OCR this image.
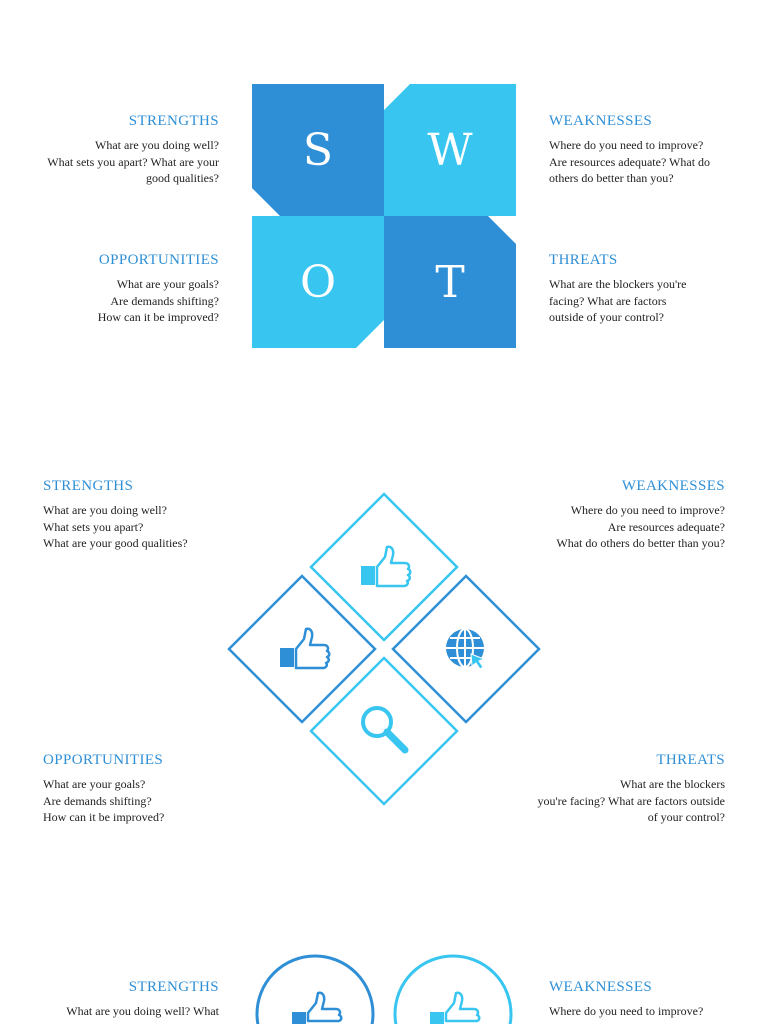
STRENGTHS
What are you doing well?
What sets you apart? What are your
good qualities?
WEAKNESSES
Where do you need to improve?
Are resources adequate? What do
others do better than you?
OPPORTUNITIES
What are your goals?
Are demands shifting?
How can it be improved?
THREATS
What are the blockers you're
facing? What are factors
outside of your control?
S W
O T
STRENGTHS
What are you doing well?
What sets you apart?
What are your good qualities?
WEAKNESSES
Where do you need to improve?
Are resources adequate?
What do others do better than you?
OPPORTUNITIES
What are your goals?
Are demands shifting?
How can it be improved?
THREATS
What are the blockers
you're facing? What are factors outside
of your control?
STRENGTHS
What are you doing well? What
WEAKNESSES
Where do you need to improve?
